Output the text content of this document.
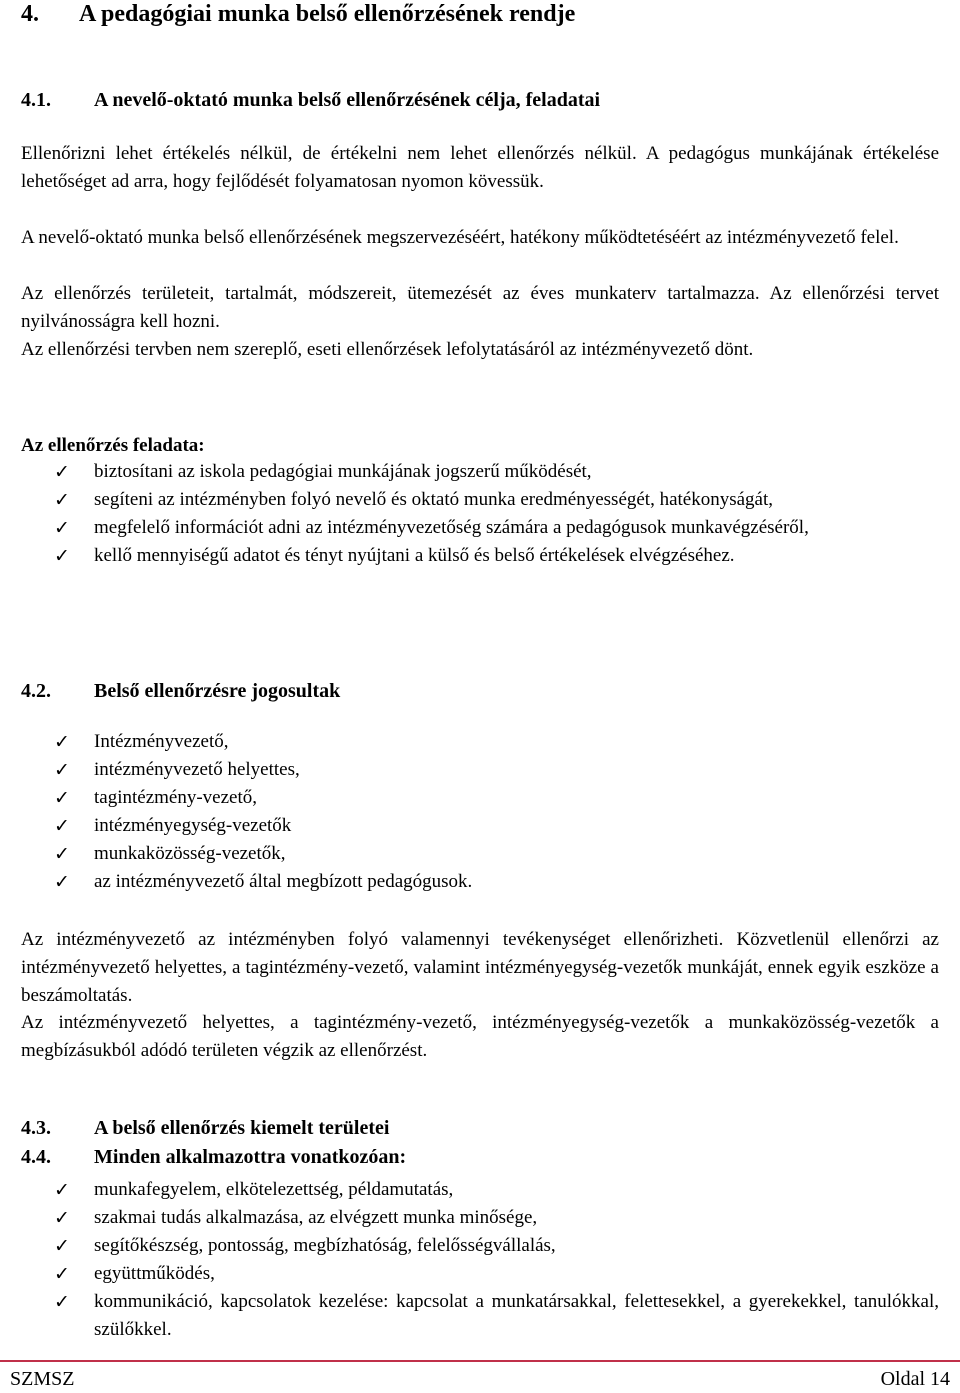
4. A pedagógiai munka belső ellenőrzésének rendje
4.1. A nevelő-oktató munka belső ellenőrzésének célja, feladatai
Ellenőrizni lehet értékelés nélkül, de értékelni nem lehet ellenőrzés nélkül. A pedagógus munkájának értékelése lehetőséget ad arra, hogy fejlődését folyamatosan nyomon kövessük.
A nevelő-oktató munka belső ellenőrzésének megszervezéséért, hatékony működtetéséért az intézményvezető felel.
Az ellenőrzés területeit, tartalmát, módszereit, ütemezését az éves munkaterv tartalmazza. Az ellenőrzési tervet nyilvánosságra kell hozni.
Az ellenőrzési tervben nem szereplő, eseti ellenőrzések lefolytatásáról az intézményvezető dönt.
Az ellenőrzés feladata:
✓ biztosítani az iskola pedagógiai munkájának jogszerű működését,
✓ segíteni az intézményben folyó nevelő és oktató munka eredményességét, hatékonyságát,
✓ megfelelő információt adni az intézményvezetőség számára a pedagógusok munkavégzéséről,
✓ kellő mennyiségű adatot és tényt nyújtani a külső és belső értékelések elvégzéséhez.
4.2. Belső ellenőrzésre jogosultak
✓ Intézményvezető,
✓ intézményvezető helyettes,
✓ tagintézmény-vezető,
✓ intézményegység-vezetők
✓ munkaközösség-vezetők,
✓ az intézményvezető által megbízott pedagógusok.
Az intézményvezető az intézményben folyó valamennyi tevékenységet ellenőrizheti. Közvetlenül ellenőrzi az intézményvezető helyettes, a tagintézmény-vezető, valamint intézményegység-vezetők munkáját, ennek egyik eszköze a beszámoltatás.
Az intézményvezető helyettes, a tagintézmény-vezető, intézményegység-vezetők a munkaközösség-vezetők a megbízásukból adódó területen végzik az ellenőrzést.
4.3. A belső ellenőrzés kiemelt területei
4.4. Minden alkalmazottra vonatkozóan:
✓ munkafegyelem, elkötelezettség, példamutatás,
✓ szakmai tudás alkalmazása, az elvégzett munka minősége,
✓ segítőkészség, pontosság, megbízhatóság, felelősségvállalás,
✓ együttműködés,
✓ kommunikáció, kapcsolatok kezelése: kapcsolat a munkatársakkal, felettesekkel, a gyerekekkel, tanulókkal, szülőkkel.
SZMSZ	Oldal 14
